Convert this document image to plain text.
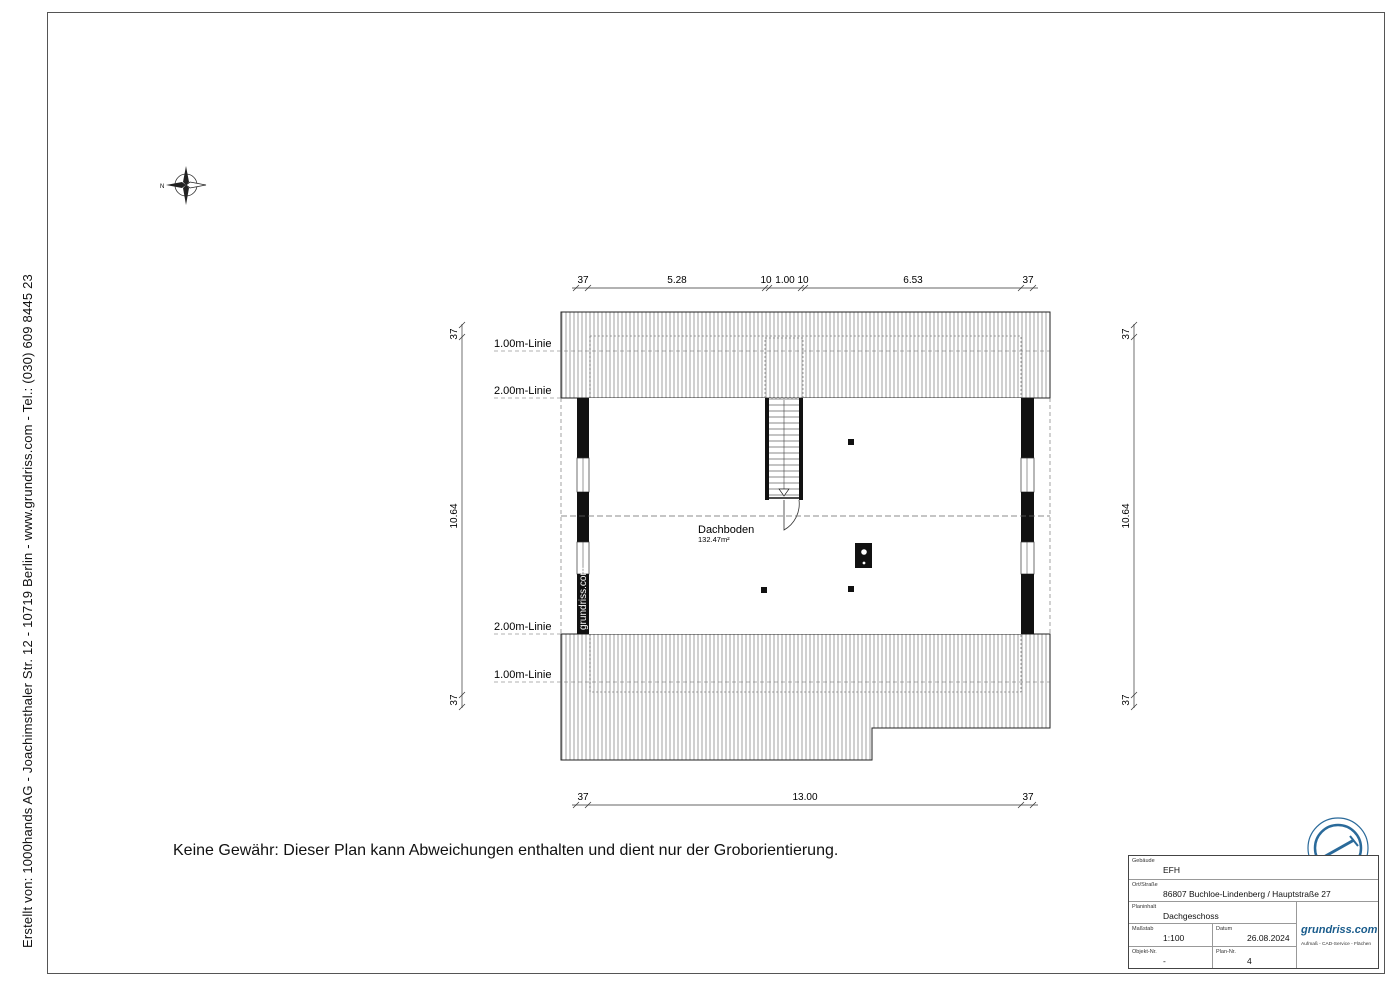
Erstellt von: 1000hands AG - Joachimsthaler Str. 12 - 10719 Berlin - www.grundriss.com - Tel.: (030) 609 8445 23
N
grundriss.com
Dachboden
132.47m²
1.00m-Linie
2.00m-Linie
2.00m-Linie
1.00m-Linie
37	5.28	10 1.00 10	6.53	37
37	13.00	37
37
10.64
37
37
10.64
37
Keine Gewähr: Dieser Plan kann Abweichungen enthalten und dient nur der Groborientierung.
Gebäude
EFH
Ort/Straße
86807 Buchloe-Lindenberg / Hauptstraße 27
Planinhalt
Dachgeschoss
Maßstab
1:100
Datum
26.08.2024
Objekt-Nr.
-
Plan-Nr.
4
grundriss.com
Aufmaß - CAD-Service - Flächen
